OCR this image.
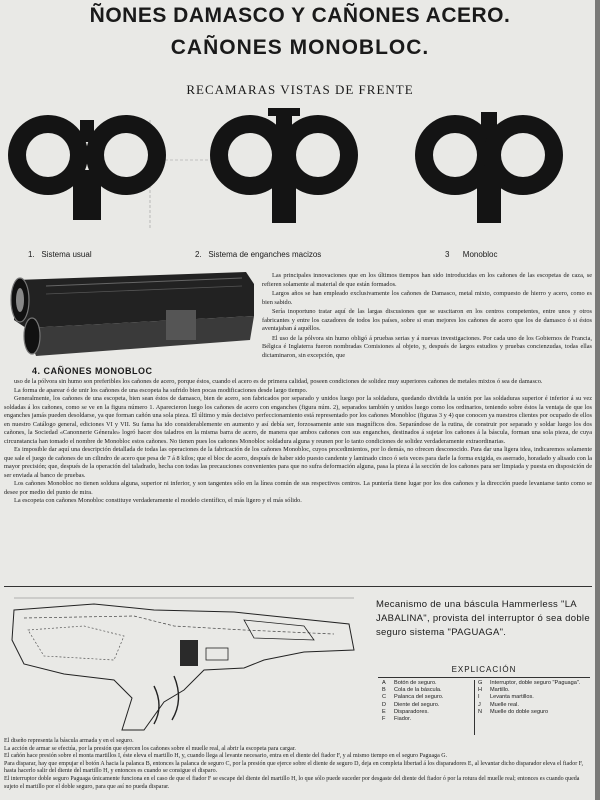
ÑONES DAMASCO Y CAÑONES ACERO.
CAÑONES MONOBLOC.
RECAMARAS VISTAS DE FRENTE
1. Sistema usual	2. Sistema de enganches macizos	3 Monobloc
4. CAÑONES MONOBLOC

Las principales innovaciones que en los últimos tiempos han sido introducidas en los cañones de las escopetas de caza, se refieren solamente al material de que están formados.

Largos años se han empleado exclusivamente los cañones de Damasco, metal mixto, compuesto de hierro y acero, como es bien sabido.

Sería inoportuno tratar aquí de las largas discusiones que se suscitaron en los centros competentes, entre unos y otros fabricantes y entre los cazadores de todos los países, sobre si eran mejores los cañones de acero que los de damasco ó si éstos aventajaban á aquéllos.

El uso de la pólvora sin humo obligó á pruebas serias y á nuevas investigaciones. Por cada uno de los Gobiernos de Francia, Bélgica é Inglaterra fueron nombradas Comisiones al objeto, y, después de largos estudios y pruebas concienzudas, todas ellas dictaminaron, sin excepción, que

uso de la pólvora sin humo son preferibles los cañones de acero, porque éstos, cuando el acero es de primera calidad, poseen condiciones de solidez muy superiores cañones de metales mixtos ó sea de damasco.

La forma de aparear ó de unir los cañones de una escopeta ha sufrido bien pocas modificaciones desde largo tiempo.

Generalmente, los cañones de una escopeta, bien sean éstos de damasco, bien de acero, son fabricados por separado y unidos luego por la soldadura, quedando dividida la unión por las soldaduras superior é inferior á su vez soldadas á los cañones, como se ve en la figura número 1. Aparecieron luego los cañones de acero con enganches (figura núm. 2), separados también y unidos luego como los ordinarios, teniendo sobre éstos la ventaja de que los enganches jamás pueden desoldarse, ya que forman cañón una sola pieza. El último y más decisivo perfeccionamiento está representado por los cañones Monobloc (figuras 3 y 4) que conocen ya nuestros clientes por ocupado de ellos en nuestro Catálogo general, ediciones VI y VII. Su fama ha ido considerablemente en aumento y así debía ser, forzosamente ante sus magníficos dos. Separándose de la rutina, de construir por separado y soldar luego los dos cañones, la Sociedad «Canonnerie Génerale» logró hacer dos taladros en la misma barra de acero, de manera que ambos cañones con sus enganches, destinados á sujetar los cañones á la báscula, forman una sola pieza, de cuya circunstancia han tomado el nombre de Monobloc estos cañones. No tienen pues los cañones Monobloc soldadura alguna y reunen por lo tanto condiciones de solidez verdaderamente extraordinarias.

Es imposible dar aquí una descripción detallada de todas las operaciones de la fabricación de los cañones Monobloc, cuyos procedimientos, por lo demás, no ofrecen desconocido. Para dar una ligera idea, indicaremos solamente que sale el juego de cañones de un cilindro de acero que pesa de 7 á 8 kilos; que el bloc de acero, después de haber sido puesto candente y laminado cinco ó seis veces para darle la forma exigida, es aserrado, horadado y alisado con la mayor precisión; que, después de la operación del taladrado, hecha con todas las precauciones convenientes para que no sufra deformación alguna, pasa la pieza á la sección de los cañones para ser limpiada y puesta en disposición de ser enviada al banco de pruebas.

Los cañones Monobloc no tienen soldura alguna, superior ni inferior, y son tangentes sólo en la línea común de sus respectivos centros. La puntería tiene lugar por los dos cañones y la dirección puede levantarse tanto como se desee por medio del punto de mira.

La escopeta con cañones Monobloc constituye verdaderamente el modelo científico, el más ligero y el más sólido.

Mecanismo de una báscula Hammerless "LA JABALINA", provista del interruptor ó sea doble seguro sistema "PAGUAGA".
EXPLICACIÓN
A	Botón de seguro.
B	Cola de la báscula.
C	Palanca del seguro.
D	Diente del seguro.
E	Disparadores.
F	Fiador.
G	Interruptor, doble seguro "Paguaga".
H	Martillo.
I	Levanta martillos.
J	Muelle real.
N	Muelle do doble seguro

El diseño representa la báscula armada y en el seguro.

La acción de armar se efectúa, por la presión que ejercen los cañones sobre el muelle real, al abrir la escopeta para cargar.

El cañón hace presión sobre el monta martillos I, éste eleva el martillo H, y, cuando llega al levante necesario, entra en el diente del fiador F, y al mismo tiempo en el seguro Paguaga G.

Para disparar, hay que empujar el botón A hacia la palanca B, entonces la palanca de seguro C, por la presión que ejerce sobre el diente de seguro D, deja en completa libertad á los disparadores E, al levantar dicho disparador eleva el fiador F, hasta hacerlo salir del diente del martillo H, y entonces es cuando se consigue el disparo.

El interruptor doble seguro Paguaga únicamente funciona en el caso de que el fiador F se escape del diente del martillo H, lo que sólo puede suceder por desgaste del diente del fiador ó por la rotura del muelle real; entonces es cuando queda sujeto el martillo por el doble seguro, para que así no pueda disparar.
